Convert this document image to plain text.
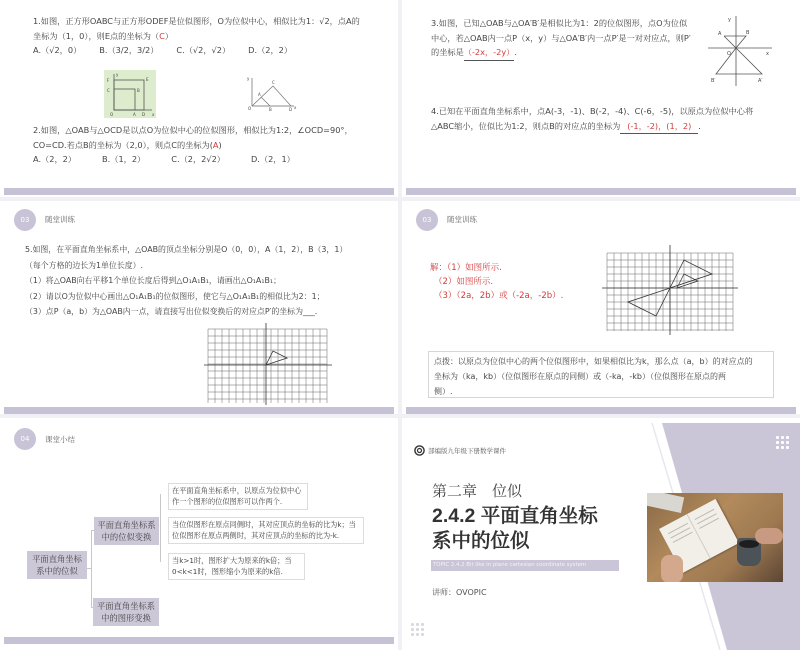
1.如图，正方形OABC与正方形ODEF是位似图形，O为位似中心，相似比为1：√2，点A的
坐标为（1，0），则E点的坐标为（C）
A.（√2，0） B.（3/2，3/2） C.（√2，√2） D.（2，2）
F	E
C	B
O	A D x
y
C
A
O	B	D x
y
2.如图，△OAB与△OCD是以点O为位似中心的位似图形，相似比为1:2，∠OCD=90°，
CO=CD.若点B的坐标为（2,0），则点C的坐标为(A)
A.（2，2）	B.（1，2）	C.（2，2√2）	D.（2，1）
3.如图，已知△OAB与△OA′B′是相似比为1：2的位似图形，点O为位似
中心，若△OAB内一点P（x，y）与△OA′B′内一点P′是一对对应点，则P′
的坐标是（-2x，-2y）.
y
A	B
O	x
B′	A′
4.已知在平面直角坐标系中，点A(-3，-1)、B(-2，-4)、C(-6，-5)，以原点为位似中心将
△ABC缩小，位似比为1:2，则点B的对应点的坐标为 (-1，-2)，(1，2) .
03	随堂训练
5.如图，在平面直角坐标系中，△OAB的顶点坐标分别是O（0，0），A（1，2），B（3，1）
（每个方格的边长为1单位长度）.
（1）将△OAB向右平移1个单位长度后得到△O₁A₁B₁，请画出△O₁A₁B₁；
（2）请以O为位似中心画出△O₁A₁B₁的位似图形，使它与△O₁A₁B₁的相似比为2：1；
（3）点P（a，b）为△OAB内一点，请直接写出位似变换后的对应点P′的坐标为___.
03	随堂训练
解：（1）如图所示.
（2）如图所示.
（3）（2a，2b）或（-2a，-2b）.
点拨：以原点为位似中心的两个位似图形中，如果相似比为k，那么点（a，b）的对应点的
坐标为（ka，kb）（位似图形在原点的同侧）或（-ka，-kb）（位似图形在原点的两
侧）.
04	课堂小结
平面直角坐标系中的位似
平面直角坐标系中的位似变换
平面直角坐标系中的图形变换
在平面直角坐标系中，以原点为位似中心作一个图形的位似图形可以作两个.
当位似图形在原点同侧时，其对应顶点的坐标的比为k；当位似图形在原点两侧时，其对应顶点的坐标的比为-k.
当k>1时，图形扩大为原来的k倍；当0<k<1时，图形缩小为原来的k倍.
部编版九年级下册数学课件
第二章　位似
2.4.2 平面直角坐标
系中的位似
TOPIC 2.4.2 Bit like in plane cartesian coordinate system
讲师：OVOPIC
